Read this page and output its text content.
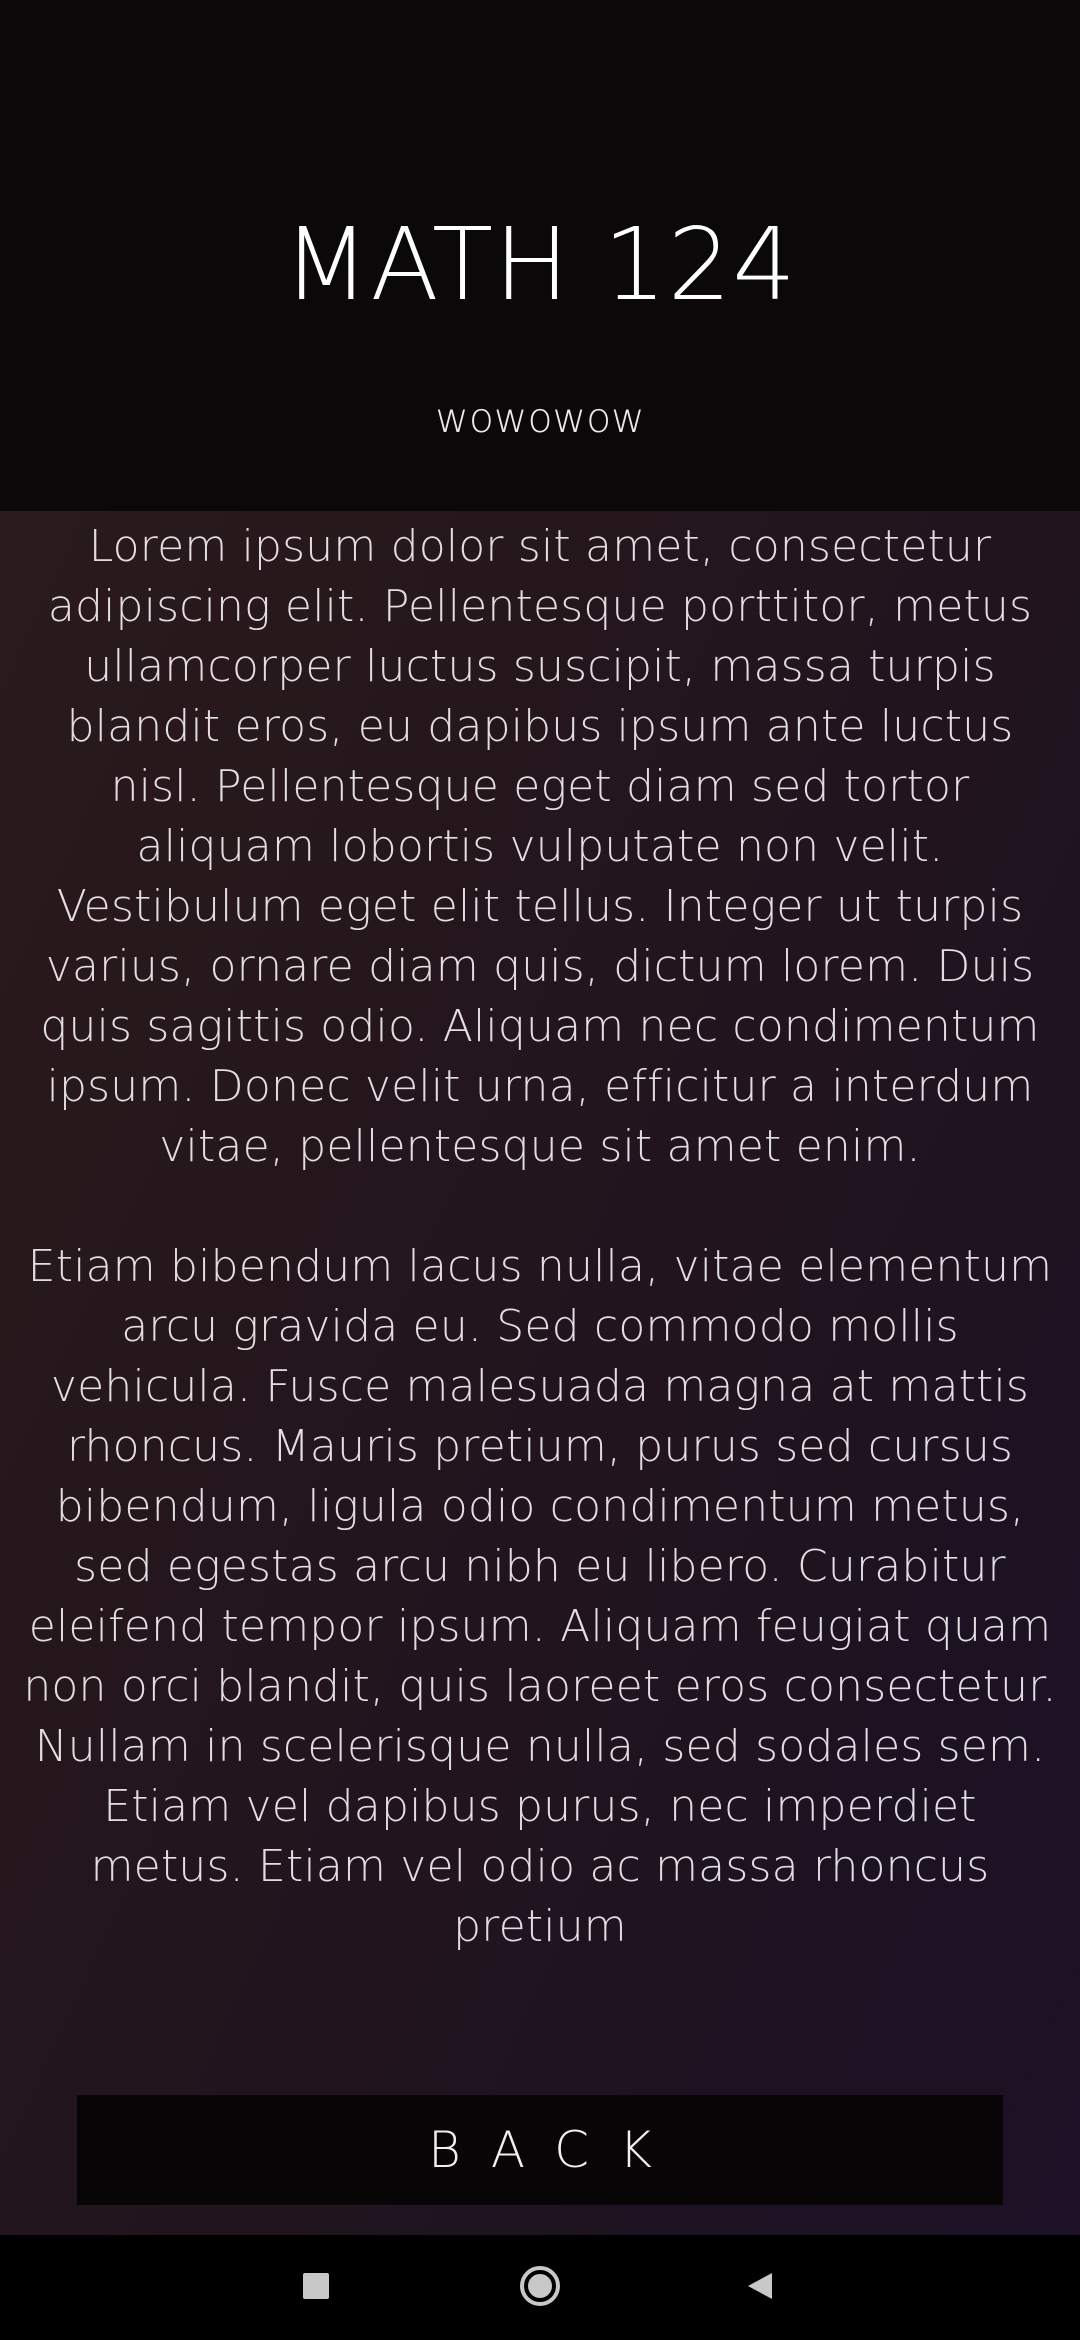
MATH 124
wowowow

Lorem ipsum dolor sit amet, consectetur adipiscing elit. Pellentesque porttitor, metus ullamcorper luctus suscipit, massa turpis blandit eros, eu dapibus ipsum ante luctus nisl. Pellentesque eget diam sed tortor aliquam lobortis vulputate non velit. Vestibulum eget elit tellus. Integer ut turpis varius, ornare diam quis, dictum lorem. Duis quis sagittis odio. Aliquam nec condimentum ipsum. Donec velit urna, efficitur a interdum vitae, pellentesque sit amet enim.

Etiam bibendum lacus nulla, vitae elementum arcu gravida eu. Sed commodo mollis vehicula. Fusce malesuada magna at mattis rhoncus. Mauris pretium, purus sed cursus bibendum, ligula odio condimentum metus, sed egestas arcu nibh eu libero. Curabitur eleifend tempor ipsum. Aliquam feugiat quam non orci blandit, quis laoreet eros consectetur. Nullam in scelerisque nulla, sed sodales sem. Etiam vel dapibus purus, nec imperdiet metus. Etiam vel odio ac massa rhoncus pretium

BACK
